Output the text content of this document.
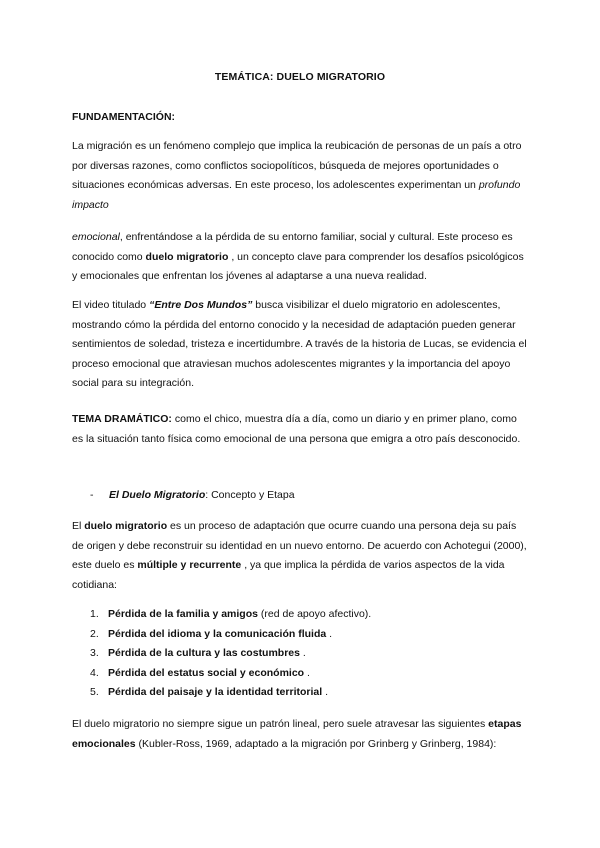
TEMÁTICA: DUELO MIGRATORIO
FUNDAMENTACIÓN:

La migración es un fenómeno complejo que implica la reubicación de personas de un país a otro por diversas razones, como conflictos sociopolíticos, búsqueda de mejores oportunidades o situaciones económicas adversas. En este proceso, los adolescentes experimentan un profundo impacto

emocional, enfrentándose a la pérdida de su entorno familiar, social y cultural. Este proceso es conocido como duelo migratorio , un concepto clave para comprender los desafíos psicológicos y emocionales que enfrentan los jóvenes al adaptarse a una nueva realidad.

El video titulado “Entre Dos Mundos” busca visibilizar el duelo migratorio en adolescentes, mostrando cómo la pérdida del entorno conocido y la necesidad de adaptación pueden generar sentimientos de soledad, tristeza e incertidumbre. A través de la historia de Lucas, se evidencia el proceso emocional que atraviesan muchos adolescentes migrantes y la importancia del apoyo social para su integración.

TEMA DRAMÁTICO: como el chico, muestra día a día, como un diario y en primer plano, como es la situación tanto física como emocional de una persona que emigra a otro país desconocido.

- El Duelo Migratorio: Concepto y Etapa

El duelo migratorio es un proceso de adaptación que ocurre cuando una persona deja su país de origen y debe reconstruir su identidad en un nuevo entorno. De acuerdo con Achotegui (2000), este duelo es múltiple y recurrente , ya que implica la pérdida de varios aspectos de la vida cotidiana:

1. Pérdida de la familia y amigos (red de apoyo afectivo).
2. Pérdida del idioma y la comunicación fluida .
3. Pérdida de la cultura y las costumbres .
4. Pérdida del estatus social y económico .
5. Pérdida del paisaje y la identidad territorial .

El duelo migratorio no siempre sigue un patrón lineal, pero suele atravesar las siguientes etapas emocionales (Kubler-Ross, 1969, adaptado a la migración por Grinberg y Grinberg, 1984):
